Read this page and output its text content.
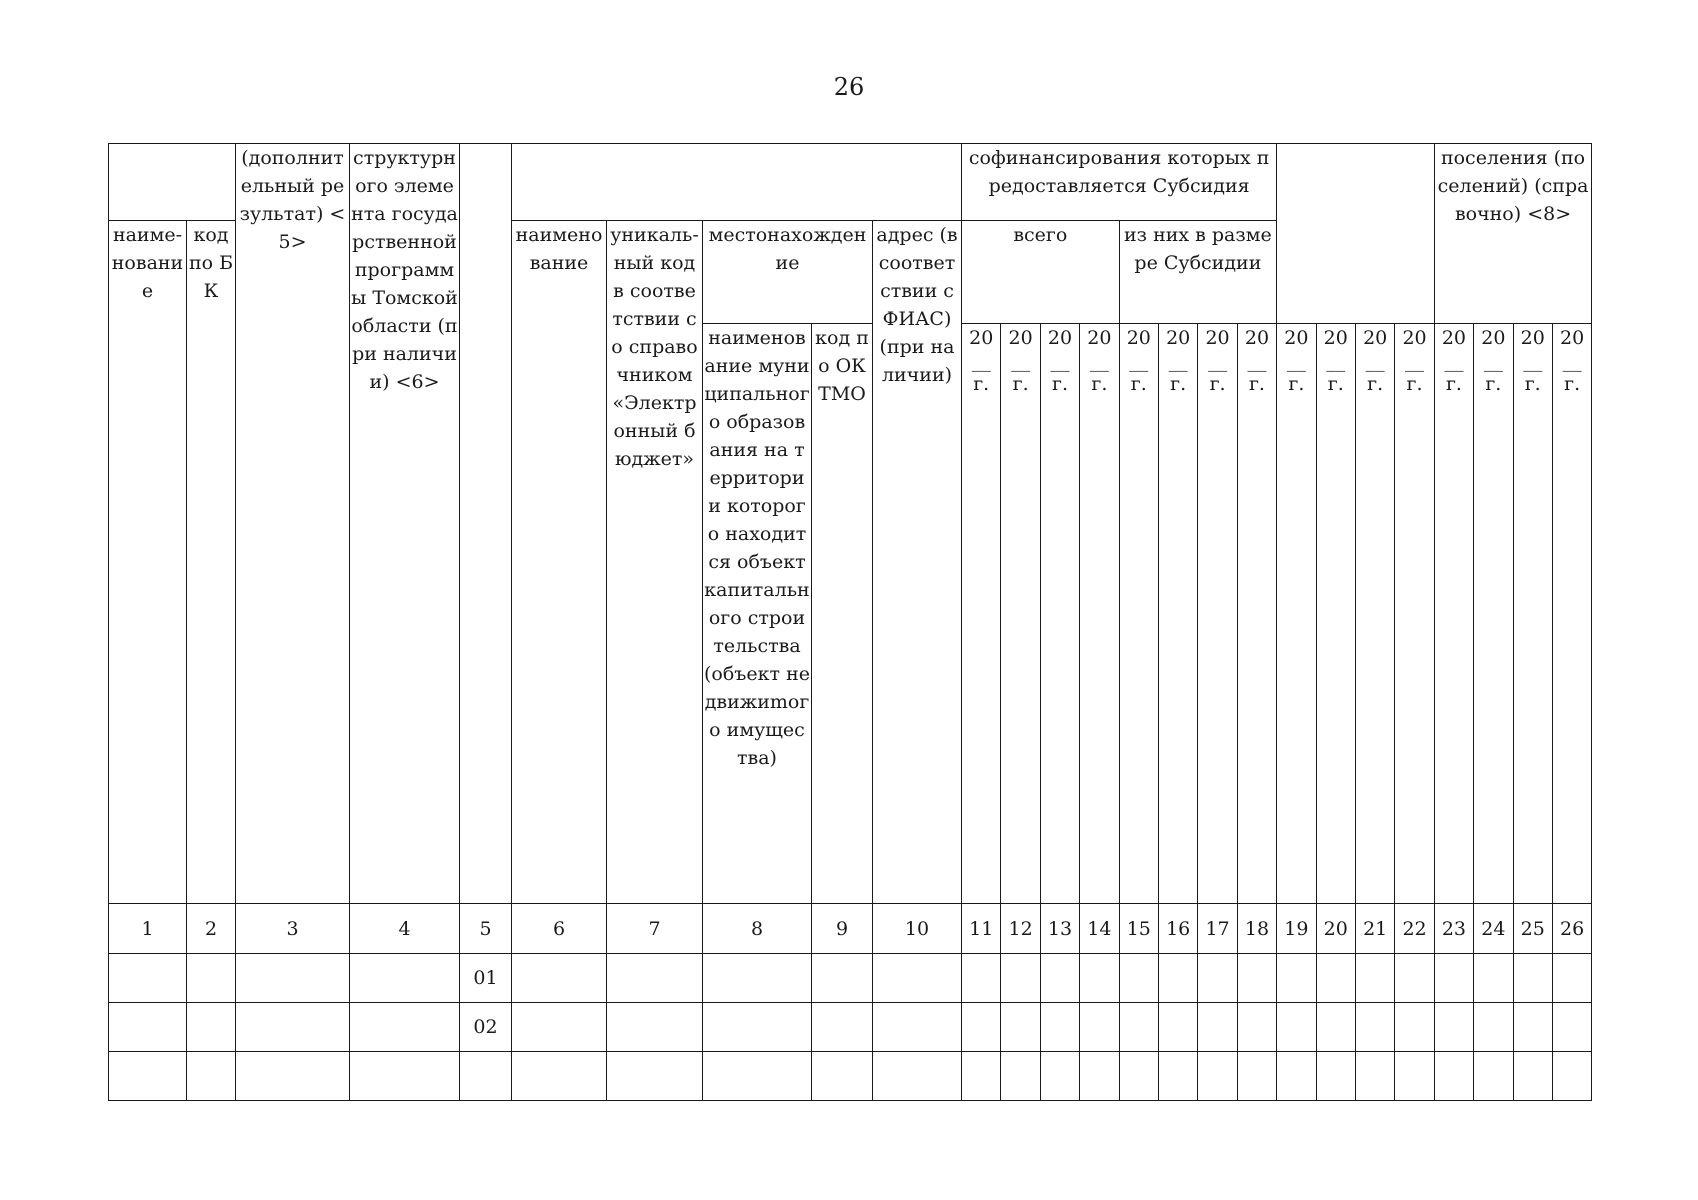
26
		(дополнительный результат) <5>	структурного элемента государственной программы Томской области (при наличии) <6>							софинансирования которых предоставляется Субсидия												поселения (поселений) (справочно) <8>			
наименование	код по БК				наименование	уникальный код в соответствии со справочником «Электронный бюджет»	местонахождение		адрес (в соответствии с ФИАС) (при наличии)	всего				из них в размере Субсидии											
							наименование муниципального образования на территории которого находится объект капитального строительства (объект недвижиmого имущества)	код по ОКТМО		20
__
г.	20
__
г.	20
__
г.	20
__
г.	20
__
г.	20
__
г.	20
__
г.	20
__
г.	20
__
г.	20
__
г.	20
__
г.	20
__
г.	20
__
г.	20
__
г.	20
__
г.	20
__
г.

1	2	3	4	5	6	7	8	9	10	11	12	13	14	15	16	17	18	19	20	21	22	23	24	25	26
				01																					
				02																					
